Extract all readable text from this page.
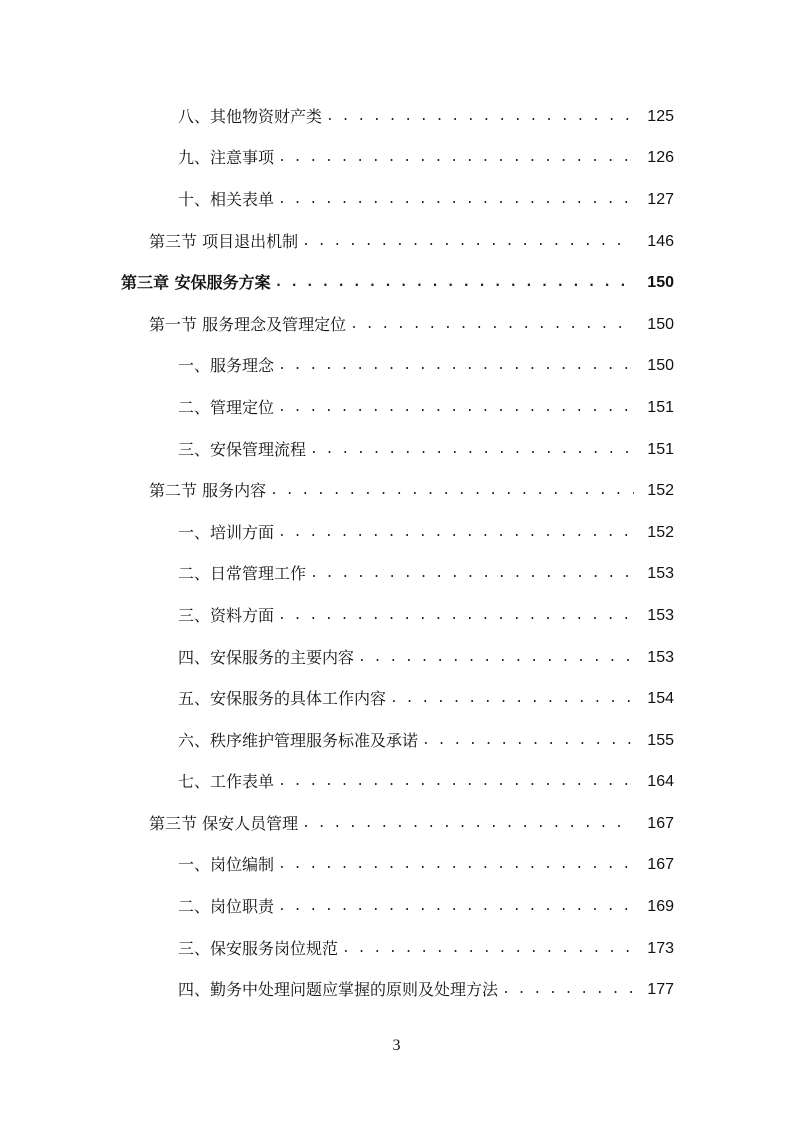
八、其他物资财产类 . . .	125
九、注意事项 . . .	126
十、相关表单 . . .	127
第三节 项目退出机制 . . .	146
第三章 安保服务方案 . . .	150
第一节 服务理念及管理定位 . . .	150
一、服务理念 . . .	150
二、管理定位 . . .	151
三、安保管理流程 . . .	151
第二节 服务内容 . . .	152
一、培训方面 . . .	152
二、日常管理工作 . . .	153
三、资料方面 . . .	153
四、安保服务的主要内容 . . .	153
五、安保服务的具体工作内容 . . .	154
六、秩序维护管理服务标准及承诺 . . .	155
七、工作表单 . . .	164
第三节 保安人员管理 . . .	167
一、岗位编制 . . .	167
二、岗位职责 . . .	169
三、保安服务岗位规范 . . .	173
四、勤务中处理问题应掌握的原则及处理方法 . . .	177
3
